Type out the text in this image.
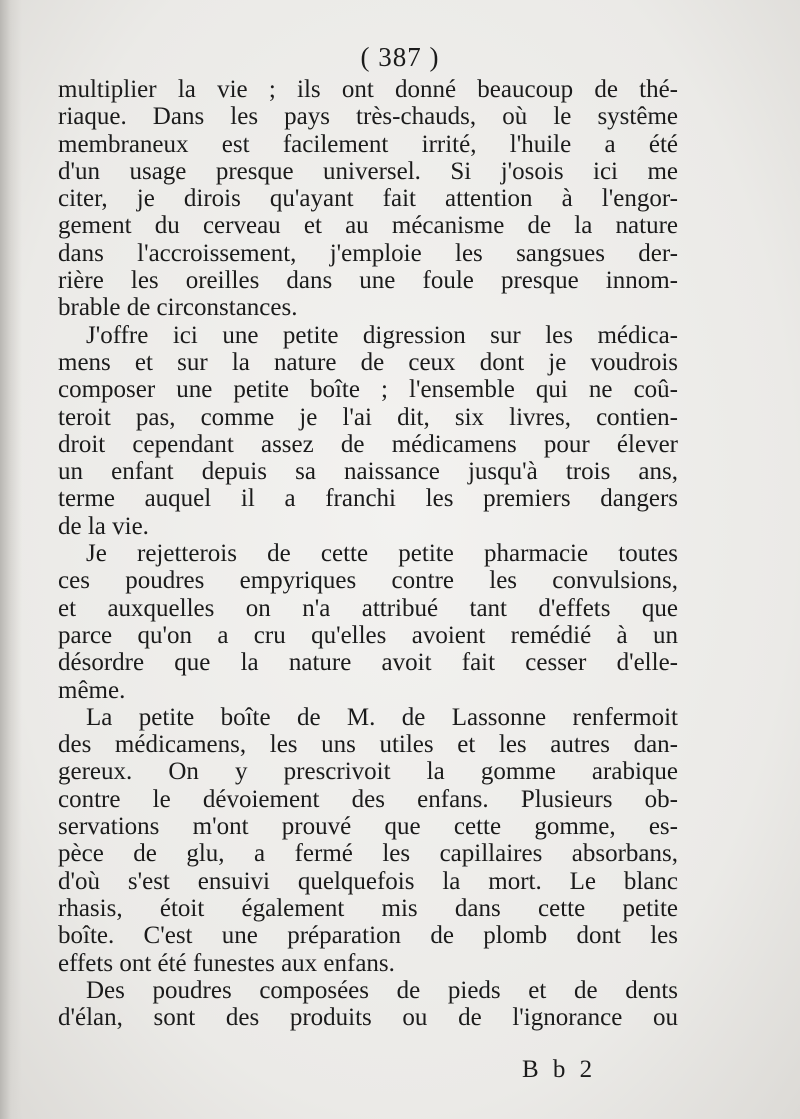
( 387 )
multiplier la vie ; ils ont donné beaucoup de thé-
riaque. Dans les pays très-chauds, où le systême
membraneux est facilement irrité, l'huile a été
d'un usage presque universel. Si j'osois ici me
citer, je dirois qu'ayant fait attention à l'engor-
gement du cerveau et au mécanisme de la nature
dans l'accroissement, j'emploie les sangsues der-
rière les oreilles dans une foule presque innom-
brable de circonstances.
J'offre ici une petite digression sur les médica-
mens et sur la nature de ceux dont je voudrois
composer une petite boîte ; l'ensemble qui ne coû-
teroit pas, comme je l'ai dit, six livres, contien-
droit cependant assez de médicamens pour élever
un enfant depuis sa naissance jusqu'à trois ans,
terme auquel il a franchi les premiers dangers
de la vie.
Je rejetterois de cette petite pharmacie toutes
ces poudres empyriques contre les convulsions,
et auxquelles on n'a attribué tant d'effets que
parce qu'on a cru qu'elles avoient remédié à un
désordre que la nature avoit fait cesser d'elle-
même.
La petite boîte de M. de Lassonne renfermoit
des médicamens, les uns utiles et les autres dan-
gereux. On y prescrivoit la gomme arabique
contre le dévoiement des enfans. Plusieurs ob-
servations m'ont prouvé que cette gomme, es-
pèce de glu, a fermé les capillaires absorbans,
d'où s'est ensuivi quelquefois la mort. Le blanc
rhasis, étoit également mis dans cette petite
boîte. C'est une préparation de plomb dont les
effets ont été funestes aux enfans.
Des poudres composées de pieds et de dents
d'élan, sont des produits ou de l'ignorance ou
B b 2
